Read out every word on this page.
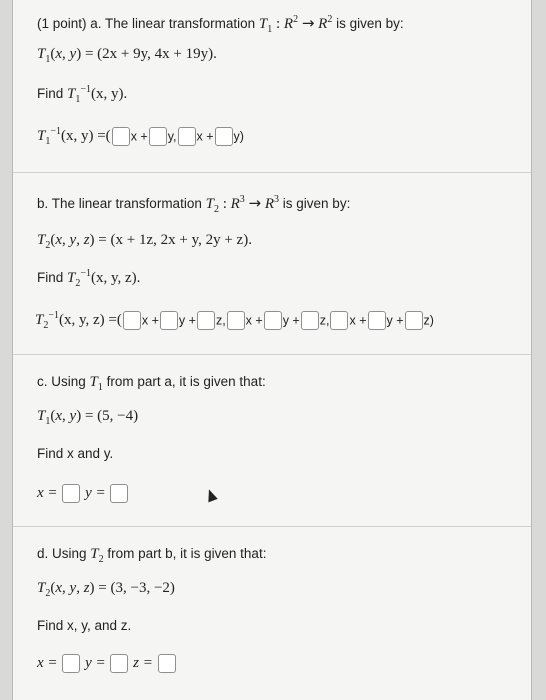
(1 point) a. The linear transformation $T_1$ : $R^2 \to R^2$ is given by:
$T_1(x$, y) = (2x + 9y, 4x + 19y).
Find $T_1^{-1}(x$, y).
$T_1^{-1}(x$, y) =( x + y, x + y)
b. The linear transformation $T_2$ : $R^3 \to R^3$ is given by:
$T_2(x$, y, z) = (x + 1z, 2x + y, 2y + z).
Find $T_2^{-1}(x$, y, z).
$T_2^{-1}(x$, y, z) =( x + y + z, x + y + z, x + y + z)
c. Using $T_1$ from part a, it is given that:
$T_1(x$, y) = (5, −4)
Find x and y.
x = y =
d. Using $T_2$ from part b, it is given that:
$T_2(x$, y, z) = (3, −3, −2)
Find x, y, and z.
x = y = z =
